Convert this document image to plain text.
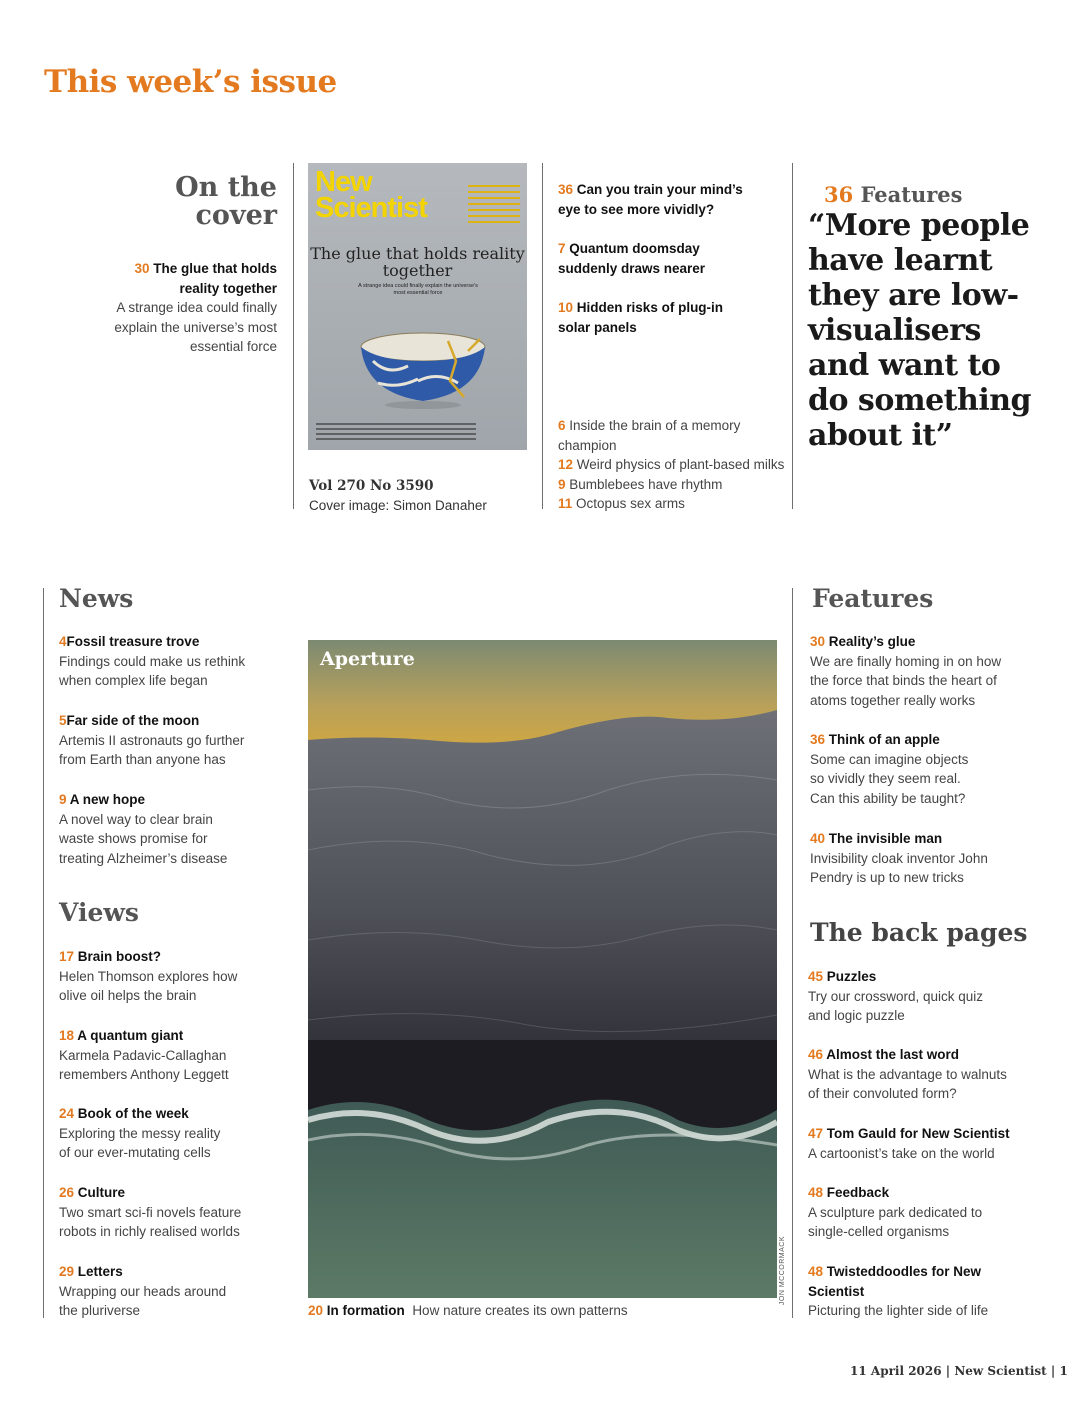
This week’s issue
On the
cover
30 The glue that holds reality together
A strange idea could finally explain the universe’s most essential force
New
Scientist
The glue that holds reality together
A strange idea could finally explain the universe's most essential force
Vol 270 No 3590
Cover image: Simon Danaher
36 Can you train your mind’s eye to see more vividly?
7 Quantum doomsday suddenly draws nearer
10 Hidden risks of plug-in solar panels
6 Inside the brain of a memory champion
12 Weird physics of plant-based milks
9 Bumblebees have rhythm
11 Octopus sex arms
36 Features
“More people have learnt they are low-visualisers and want to do something about it”
News
4Fossil treasure trove
Findings could make us rethink when complex life began
5Far side of the moon
Artemis II astronauts go further from Earth than anyone has
9 A new hope
A novel way to clear brain waste shows promise for treating Alzheimer’s disease
Views
17 Brain boost?
Helen Thomson explores how olive oil helps the brain
18 A quantum giant
Karmela Padavic-Callaghan remembers Anthony Leggett
24 Book of the week
Exploring the messy reality of our ever-mutating cells
26 Culture
Two smart sci-fi novels feature robots in richly realised worlds
29 Letters
Wrapping our heads around the pluriverse
Aperture
JON MCCORMACK
20 In formation How nature creates its own patterns
Features
30 Reality’s glue
We are finally homing in on how the force that binds the heart of atoms together really works
36 Think of an apple
Some can imagine objects so vividly they seem real. Can this ability be taught?
40 The invisible man
Invisibility cloak inventor John Pendry is up to new tricks
The back pages
45 Puzzles
Try our crossword, quick quiz and logic puzzle
46 Almost the last word
What is the advantage to walnuts of their convoluted form?
47 Tom Gauld for New Scientist
A cartoonist’s take on the world
48 Feedback
A sculpture park dedicated to single-celled organisms
48 Twisteddoodles for New Scientist
Picturing the lighter side of life
11 April 2026 | New Scientist | 1
